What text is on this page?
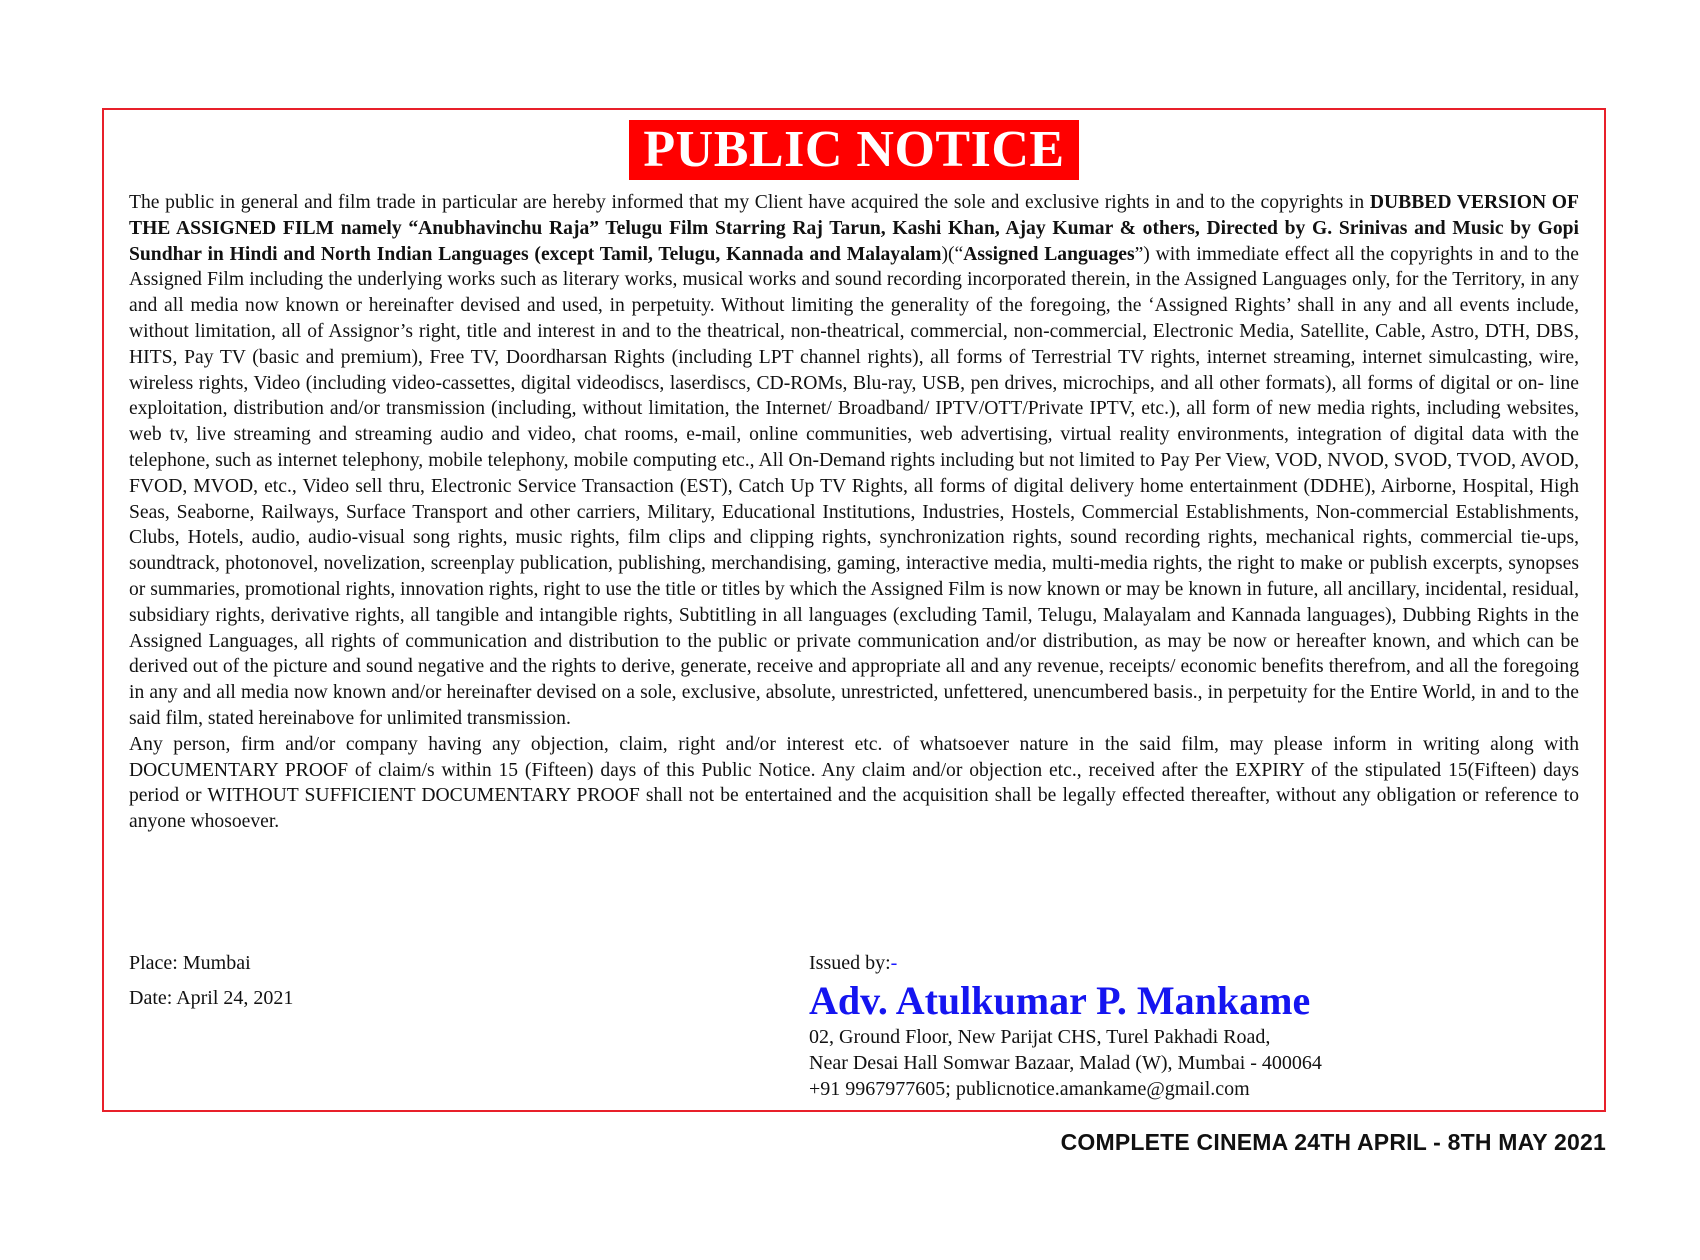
PUBLIC NOTICE

The public in general and film trade in particular are hereby informed that my Client have acquired the sole and exclusive rights in and to the copyrights in DUBBED VERSION OF THE ASSIGNED FILM namely “Anubhavinchu Raja” Telugu Film Starring Raj Tarun, Kashi Khan, Ajay Kumar & others, Directed by G. Srinivas and Music by Gopi Sundhar in Hindi and North Indian Languages (except Tamil, Telugu, Kannada and Malayalam)(“Assigned Languages”) with immediate effect all the copyrights in and to the Assigned Film including the underlying works such as literary works, musical works and sound recording incorporated therein, in the Assigned Languages only, for the Territory, in any and all media now known or hereinafter devised and used, in perpetuity. Without limiting the generality of the foregoing, the ‘Assigned Rights’ shall in any and all events include, without limitation, all of Assignor’s right, title and interest in and to the theatrical, non-theatrical, commercial, non-commercial, Electronic Media, Satellite, Cable, Astro, DTH, DBS, HITS, Pay TV (basic and premium), Free TV, Doordharsan Rights (including LPT channel rights), all forms of Terrestrial TV rights, internet streaming, internet simulcasting, wire, wireless rights, Video (including video-cassettes, digital videodiscs, laserdiscs, CD-ROMs, Blu-ray, USB, pen drives, microchips, and all other formats), all forms of digital or on- line exploitation, distribution and/or transmission (including, without limitation, the Internet/ Broadband/ IPTV/OTT/Private IPTV, etc.), all form of new media rights, including websites, web tv, live streaming and streaming audio and video, chat rooms, e-mail, online communities, web advertising, virtual reality environments, integration of digital data with the telephone, such as internet telephony, mobile telephony, mobile computing etc., All On-Demand rights including but not limited to Pay Per View, VOD, NVOD, SVOD, TVOD, AVOD, FVOD, MVOD, etc., Video sell thru, Electronic Service Transaction (EST), Catch Up TV Rights, all forms of digital delivery home entertainment (DDHE), Airborne, Hospital, High Seas, Seaborne, Railways, Surface Transport and other carriers, Military, Educational Institutions, Industries, Hostels, Commercial Establishments, Non-commercial Establishments, Clubs, Hotels, audio, audio-visual song rights, music rights, film clips and clipping rights, synchronization rights, sound recording rights, mechanical rights, commercial tie-ups, soundtrack, photonovel, novelization, screenplay publication, publishing, merchandising, gaming, interactive media, multi-media rights, the right to make or publish excerpts, synopses or summaries, promotional rights, innovation rights, right to use the title or titles by which the Assigned Film is now known or may be known in future, all ancillary, incidental, residual, subsidiary rights, derivative rights, all tangible and intangible rights, Subtitling in all languages (excluding Tamil, Telugu, Malayalam and Kannada languages), Dubbing Rights in the Assigned Languages, all rights of communication and distribution to the public or private communication and/or distribution, as may be now or hereafter known, and which can be derived out of the picture and sound negative and the rights to derive, generate, receive and appropriate all and any revenue, receipts/ economic benefits therefrom, and all the foregoing in any and all media now known and/or hereinafter devised on a sole, exclusive, absolute, unrestricted, unfettered, unencumbered basis., in perpetuity for the Entire World, in and to the said film, stated hereinabove for unlimited transmission.

Any person, firm and/or company having any objection, claim, right and/or interest etc. of whatsoever nature in the said film, may please inform in writing along with DOCUMENTARY PROOF of claim/s within 15 (Fifteen) days of this Public Notice. Any claim and/or objection etc., received after the EXPIRY of the stipulated 15(Fifteen) days period or WITHOUT SUFFICIENT DOCUMENTARY PROOF shall not be entertained and the acquisition shall be legally effected thereafter, without any obligation or reference to anyone whosoever.

Place: Mumbai
Date: April 24, 2021
Issued by:-
Adv. Atulkumar P. Mankame
02, Ground Floor, New Parijat CHS, Turel Pakhadi Road,
Near Desai Hall Somwar Bazaar, Malad (W), Mumbai - 400064
+91 9967977605; publicnotice.amankame@gmail.com
COMPLETE CINEMA 24TH APRIL - 8TH MAY 2021
